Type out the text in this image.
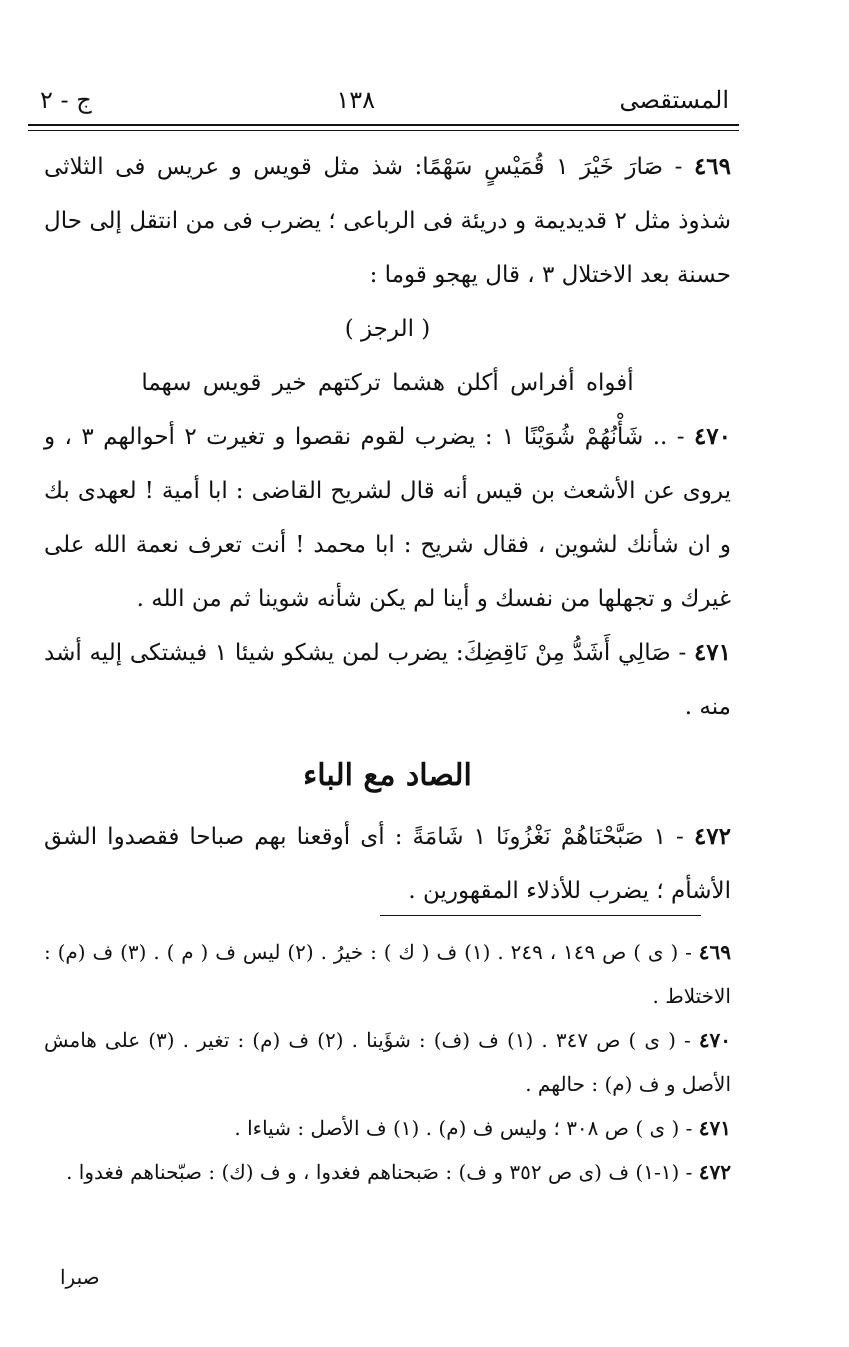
المستقصى
١٣٨
ج - ٢

٤٦٩ - صَارَ خَيْرَ ١ قُمَيْسٍ سَهْمًا: شذ مثل قويس و عريس فى الثلاثى شذوذ مثل ٢ قديديمة و دريئة فى الرباعى ؛ يضرب فى من انتقل إلى حال حسنة بعد الاختلال ٣ ، قال يهجو قوما :

( الرجز )

أفواه أفراس أكلن هشما تركتهم خير قويس سهما

٤٧٠ - .. شَأْنُهُمْ شُوَيْنًا ١ : يضرب لقوم نقصوا و تغيرت ٢ أحوالهم ٣ ، و يروى عن الأشعث بن قيس أنه قال لشريح القاضى : ابا أمية ! لعهدى بك و ان شأنك لشوين ، فقال شريح : ابا محمد ! أنت تعرف نعمة الله على غيرك و تجهلها من نفسك و أينا لم يكن شأنه شوينا ثم من الله .

٤٧١ - صَالِي أَشَدُّ مِنْ نَاقِضِكَ: يضرب لمن يشكو شيئا ١ فيشتكى إليه أشد منه .

الصاد مع الباء

٤٧٢ - ١ صَبَّحْنَاهُمْ نَغْزُونَا ١ شَامَةً : أى أوقعنا بهم صباحا فقصدوا الشق الأشأم ؛ يضرب للأذلاء المقهورين .

٤٦٩ - ( ى ) ص ١٤٩ ، ٢٤٩ . (١) ف ( ك ) : خيرُ . (٢) ليس ف ( م ) . (٣) ف (م) : الاختلاط .

٤٧٠ - ( ى ) ص ٣٤٧ . (١) ف (ف) : شؤَينا . (٢) ف (م) : تغير . (٣) على هامش الأصل و ف (م) : حالهم .

٤٧١ - ( ى ) ص ٣٠٨ ؛ وليس ف (م) . (١) ف الأصل : شياءا .

٤٧٢ - (١-١) ف (ى ص ٣٥٢ و ف) : صَبحناهم فغدوا ، و ف (ك) : صبّحناهم فغدوا .

صبرا
